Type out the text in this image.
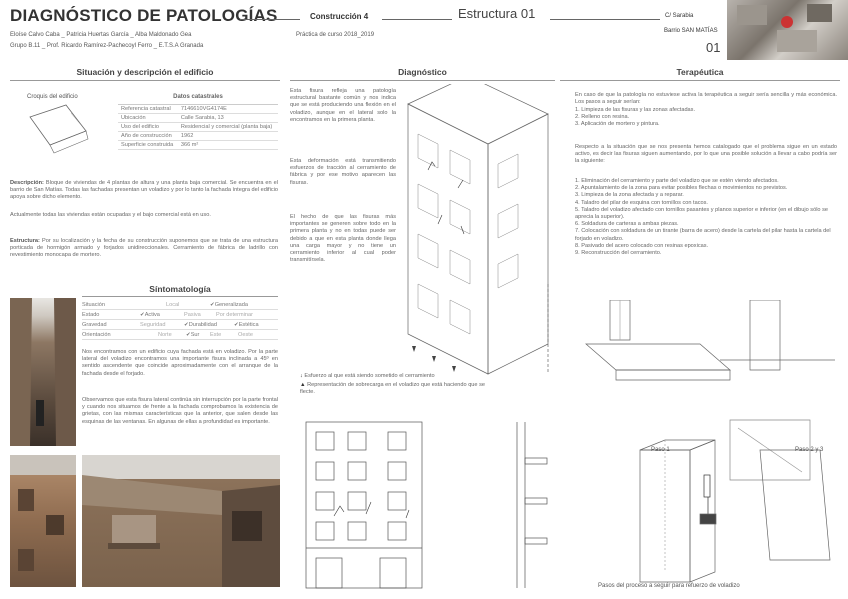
DIAGNÓSTICO DE PATOLOGÍAS	Construcción 4	Estructura 01	C/ Sarabia
Barrio SAN MATÍAS
01
Eloíse Calvo Caba _ Patricia Huertas García _ Alba Maldonado Gea
Grupo B.11 _ Prof. Ricardo Ramírez-Pachecoyl Ferro _ E.T.S.A Granada
Práctica de curso 2018_2019
Situación y descripción el edificio
Croquis del edificio	Datos catastrales
Referencia catastral	7146610VG4174E
Ubicación	Calle Sarabia, 13
Uso del edificio	Residencial y comercial (planta baja)
Año de construcción	1962
Superficie construida	366 m²
Descripción: Bloque de viviendas de 4 plantas de altura y una planta baja comercial. Se encuentra en el barrio de San Matías. Todas las fachadas presentan un voladizo y por lo tanto la fachada íntegra del edificio apoya sobre dicho elemento.
Actualmente todas las viviendas están ocupadas y el bajo comercial está en uso.
Estructura: Por su localización y la fecha de su construcción suponemos que se trata de una estructura porticada de hormigón armado y forjados unidireccionales. Cerramiento de fábrica de ladrillo con revestimiento monocapa de mortero.
Síntomatología
Situación	Local	✔Generalizada
Estado	✔Activa	Pasiva	Por determinar
Gravedad	Seguridad	✔Durabilidad	✔Estética
Orientación	Norte	✔Sur	Este	Oeste
Nos encontramos con un edificio cuya fachada está en voladizo. Por la parte lateral del voladizo encontramos una importante fisura inclinada a 45º en sentido ascendente que coincide aproximadamente con el arranque de la fachada desde el forjado.
Observamos que esta fisura lateral continúa sin interrupción por la parte frontal y cuando nos situamos de frente a la fachada comprobamos la existencia de grietas, con las mismas características que la anterior, que salen desde las esquinas de las ventanas. En algunas de ellas a profundidad es importante.
Diagnóstico
Esta fisura refleja una patología estructural bastante común y nos indica que se está produciendo una flexión en el voladizo, aunque en el lateral solo la encontramos en la primera planta.
Esta deformación está transmitiendo esfuerzos de tracción al cerramiento de fábrica y por ese motivo aparecen las fisuras.
El hecho de que las fisuras más importantes se generen sobre todo en la primera planta y no en todas puede ser debido a que en esta planta donde llega una carga mayor y no tiene un cerramiento inferior al cual poder transmitírsela.
↓ Esfuerzo al que está siendo sometido el cerramiento
▲ Representación de sobrecarga en el voladizo que está haciendo que se flecte.
Terapéutica
En caso de que la patología no estuviese activa la terapéutica a seguir sería sencilla y más económica. Los pasos a seguir serían:
1. Limpieza de las fisuras y las zonas afectadas.
2. Relleno con resina.
3. Aplicación de mortero y pintura.
Respecto a la situación que se nos presenta hemos catalogado que el problema sigue en un estado activo, es decir las fisuras siguen aumentando, por lo que una posible solución a llevar a cabo podría ser la siguiente:
1. Eliminación del cerramiento y parte del voladizo que se estén viendo afectados.
2. Apuntalamiento de la zona para evitar posibles flechas o movimientos no previstos.
3. Limpieza de la zona afectada y a reparar.
4. Taladro del pilar de esquina con tornillos con tacos.
5. Taladro del voladizo afectado con tornillos pasantes y planos superior e inferior (en el dibujo sólo se aprecia la superior).
6. Soldadura de carteras a ambas piezas.
7. Colocación con soldadura de un tirante (barra de acero) desde la cartela del pilar hasta la cartela del forjado en voladizo.
8. Pasivado del acero colocado con resinas epoxicas.
9. Reconstrucción del cerramiento.
Paso 1	Paso 2 y 3
Pasos del proceso a seguir para refuerzo de voladizo
